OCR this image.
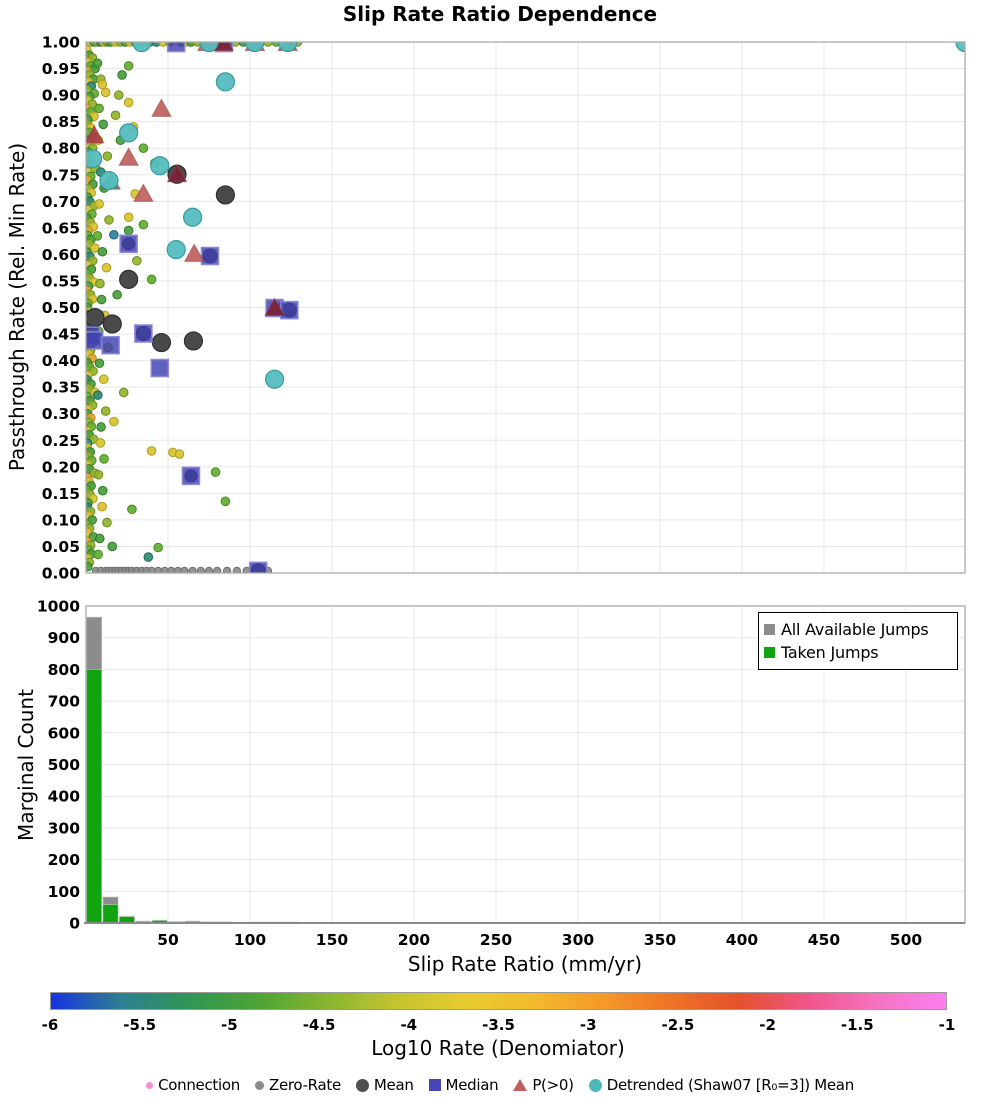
Slip Rate Ratio Dependence
1.00
0.95
0.90
0.85
0.80
0.75
0.70
0.65
0.60
0.55
0.50
0.45
0.40
0.35
0.30
0.25
0.20
0.15
0.10
0.05
0.00
0
100
200
300
400
500
600
700
800
900
1000
50	100	150	200	250	300	350	400	450	500
Passthrough Rate (Rel. Min Rate)
Marginal Count
Slip Rate Ratio (mm/yr)
All Available Jumps
Taken Jumps
-6	-5.5	-5	-4.5	-4	-3.5	-3	-2.5	-2	-1.5	-1
Log10 Rate (Denomiator)
Connection Zero-Rate Mean Median P(>0) Detrended (Shaw07 [R₀=3]) Mean
